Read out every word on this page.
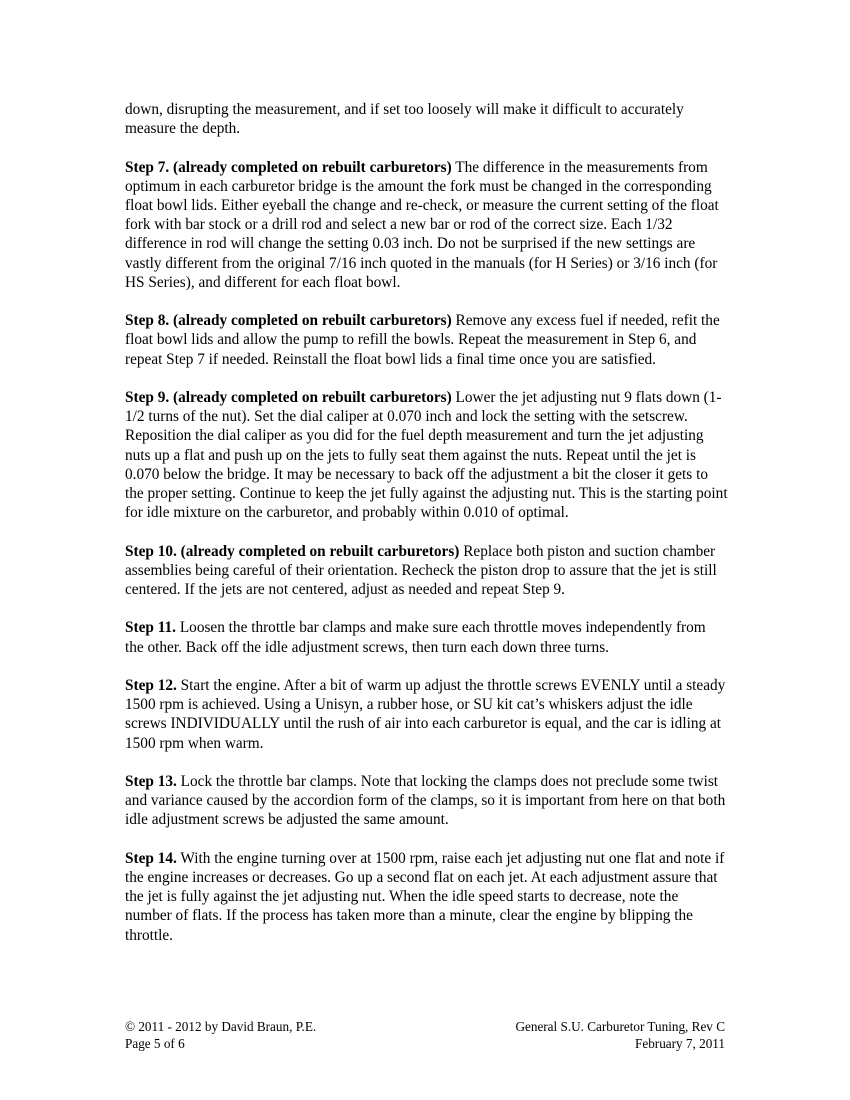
down, disrupting the measurement, and if set too loosely will make it difficult to accurately measure the depth.

Step 7. (already completed on rebuilt carburetors) The difference in the measurements from optimum in each carburetor bridge is the amount the fork must be changed in the corresponding float bowl lids. Either eyeball the change and re-check, or measure the current setting of the float fork with bar stock or a drill rod and select a new bar or rod of the correct size. Each 1/32 difference in rod will change the setting 0.03 inch. Do not be surprised if the new settings are vastly different from the original 7/16 inch quoted in the manuals (for H Series) or 3/16 inch (for HS Series), and different for each float bowl.

Step 8. (already completed on rebuilt carburetors) Remove any excess fuel if needed, refit the float bowl lids and allow the pump to refill the bowls. Repeat the measurement in Step 6, and repeat Step 7 if needed. Reinstall the float bowl lids a final time once you are satisfied.

Step 9. (already completed on rebuilt carburetors) Lower the jet adjusting nut 9 flats down (1-1/2 turns of the nut). Set the dial caliper at 0.070 inch and lock the setting with the setscrew. Reposition the dial caliper as you did for the fuel depth measurement and turn the jet adjusting nuts up a flat and push up on the jets to fully seat them against the nuts. Repeat until the jet is 0.070 below the bridge. It may be necessary to back off the adjustment a bit the closer it gets to the proper setting. Continue to keep the jet fully against the adjusting nut. This is the starting point for idle mixture on the carburetor, and probably within 0.010 of optimal.

Step 10. (already completed on rebuilt carburetors) Replace both piston and suction chamber assemblies being careful of their orientation. Recheck the piston drop to assure that the jet is still centered. If the jets are not centered, adjust as needed and repeat Step 9.

Step 11. Loosen the throttle bar clamps and make sure each throttle moves independently from the other. Back off the idle adjustment screws, then turn each down three turns.

Step 12. Start the engine. After a bit of warm up adjust the throttle screws EVENLY until a steady 1500 rpm is achieved. Using a Unisyn, a rubber hose, or SU kit cat’s whiskers adjust the idle screws INDIVIDUALLY until the rush of air into each carburetor is equal, and the car is idling at 1500 rpm when warm.

Step 13. Lock the throttle bar clamps. Note that locking the clamps does not preclude some twist and variance caused by the accordion form of the clamps, so it is important from here on that both idle adjustment screws be adjusted the same amount.

Step 14. With the engine turning over at 1500 rpm, raise each jet adjusting nut one flat and note if the engine increases or decreases. Go up a second flat on each jet. At each adjustment assure that the jet is fully against the jet adjusting nut. When the idle speed starts to decrease, note the number of flats. If the process has taken more than a minute, clear the engine by blipping the throttle.

© 2011 - 2012 by David Braun, P.E.
Page 5 of 6
General S.U. Carburetor Tuning, Rev C
February 7, 2011
